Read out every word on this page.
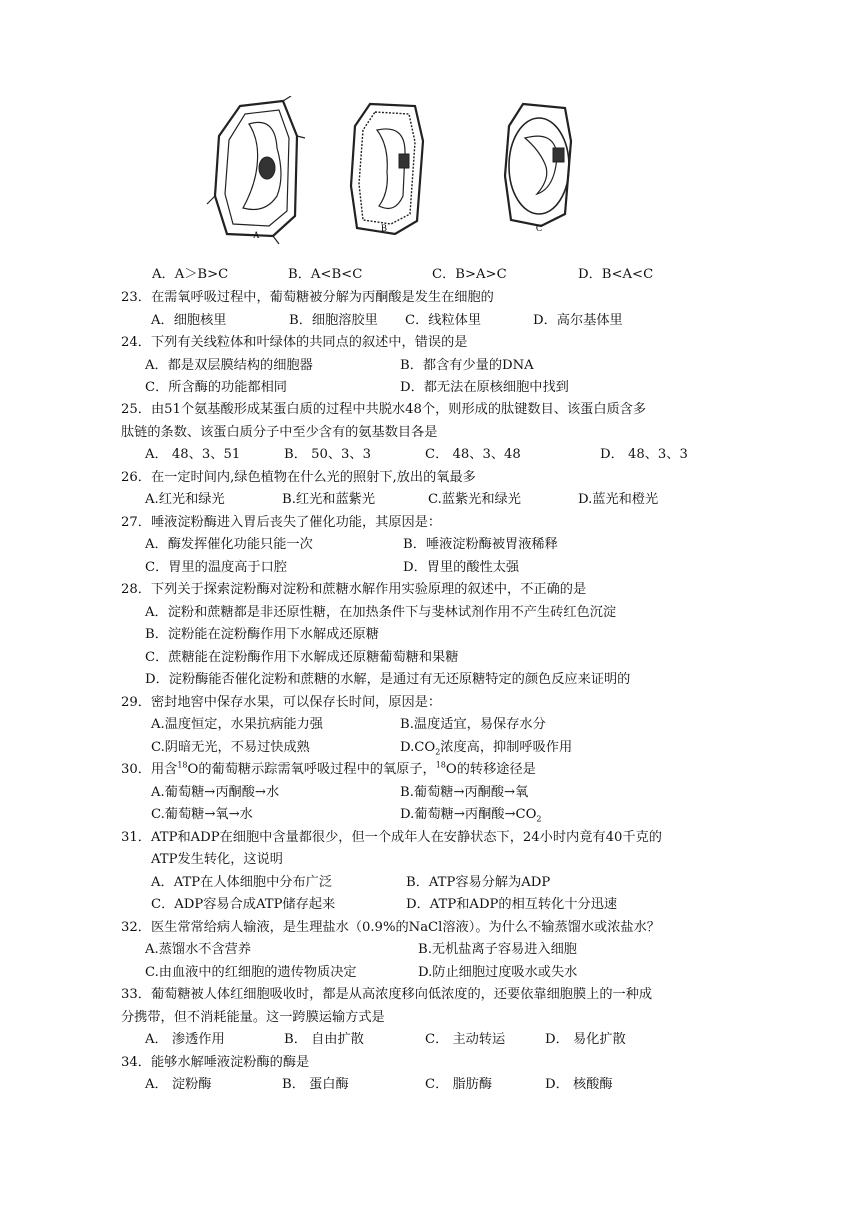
A
B	C
A．A＞B>C	B．A<B<C	C．B>A>C	D．B<A<C
23．在需氧呼吸过程中，葡萄糖被分解为丙酮酸是发生在细胞的
A．细胞核里	B．细胞溶胶里 C．线粒体里	D．高尔基体里
24．下列有关线粒体和叶绿体的共同点的叙述中，错误的是
A．都是双层膜结构的细胞器	B．都含有少量的DNA
C．所含酶的功能都相同	D．都无法在原核细胞中找到
25．由51个氨基酸形成某蛋白质的过程中共脱水48个，则形成的肽键数目、该蛋白质含多
肽链的条数、该蛋白质分子中至少含有的氨基数目各是
A． 48、3、51	B． 50、3、3	C． 48、3、48	D． 48、3、3
26．在一定时间内,绿色植物在什么光的照射下,放出的氧最多
A.红光和绿光	B.红光和蓝紫光	C.蓝紫光和绿光	D.蓝光和橙光
27．唾液淀粉酶进入胃后丧失了催化功能，其原因是：
A．酶发挥催化功能只能一次	B．唾液淀粉酶被胃液稀释
C．胃里的温度高于口腔	D．胃里的酸性太强
28．下列关于探索淀粉酶对淀粉和蔗糖水解作用实验原理的叙述中，不正确的是
A．淀粉和蔗糖都是非还原性糖，在加热条件下与斐林试剂作用不产生砖红色沉淀
B．淀粉能在淀粉酶作用下水解成还原糖
C．蔗糖能在淀粉酶作用下水解成还原糖葡萄糖和果糖
D．淀粉酶能否催化淀粉和蔗糖的水解，是通过有无还原糖特定的颜色反应来证明的
29．密封地窖中保存水果，可以保存长时间，原因是：
A.温度恒定，水果抗病能力强	B.温度适宜，易保存水分
C.阴暗无光，不易过快成熟	$D.CO_2$浓度高，抑制呼吸作用
30．用含$^{18}$O的葡萄糖示踪需氧呼吸过程中的氧原子，$^{18}$O的转移途径是
A.葡萄糖→丙酮酸→水	B.葡萄糖→丙酮酸→氧
C.葡萄糖→氧→水	D.葡萄糖→丙酮酸$\to CO_2$
31．ATP和ADP在细胞中含量都很少，但一个成年人在安静状态下，24小时内竟有40千克的
ATP发生转化，这说明
A．ATP在人体细胞中分布广泛	B．ATP容易分解为ADP
C．ADP容易合成ATP储存起来	D．ATP和ADP的相互转化十分迅速
32．医生常常给病人输液，是生理盐水（0.9%的NaCl溶液）。为什么不输蒸馏水或浓盐水？
A.蒸馏水不含营养	B.无机盐离子容易进入细胞
C.由血液中的红细胞的遗传物质决定	D.防止细胞过度吸水或失水
33．葡萄糖被人体红细胞吸收时，都是从高浓度移向低浓度的，还要依靠细胞膜上的一种成
分携带，但不消耗能量。这一跨膜运输方式是
A． 渗透作用	B． 自由扩散	C． 主动转运	D． 易化扩散
34．能够水解唾液淀粉酶的酶是
A． 淀粉酶	B． 蛋白酶	C． 脂肪酶	D． 核酸酶
